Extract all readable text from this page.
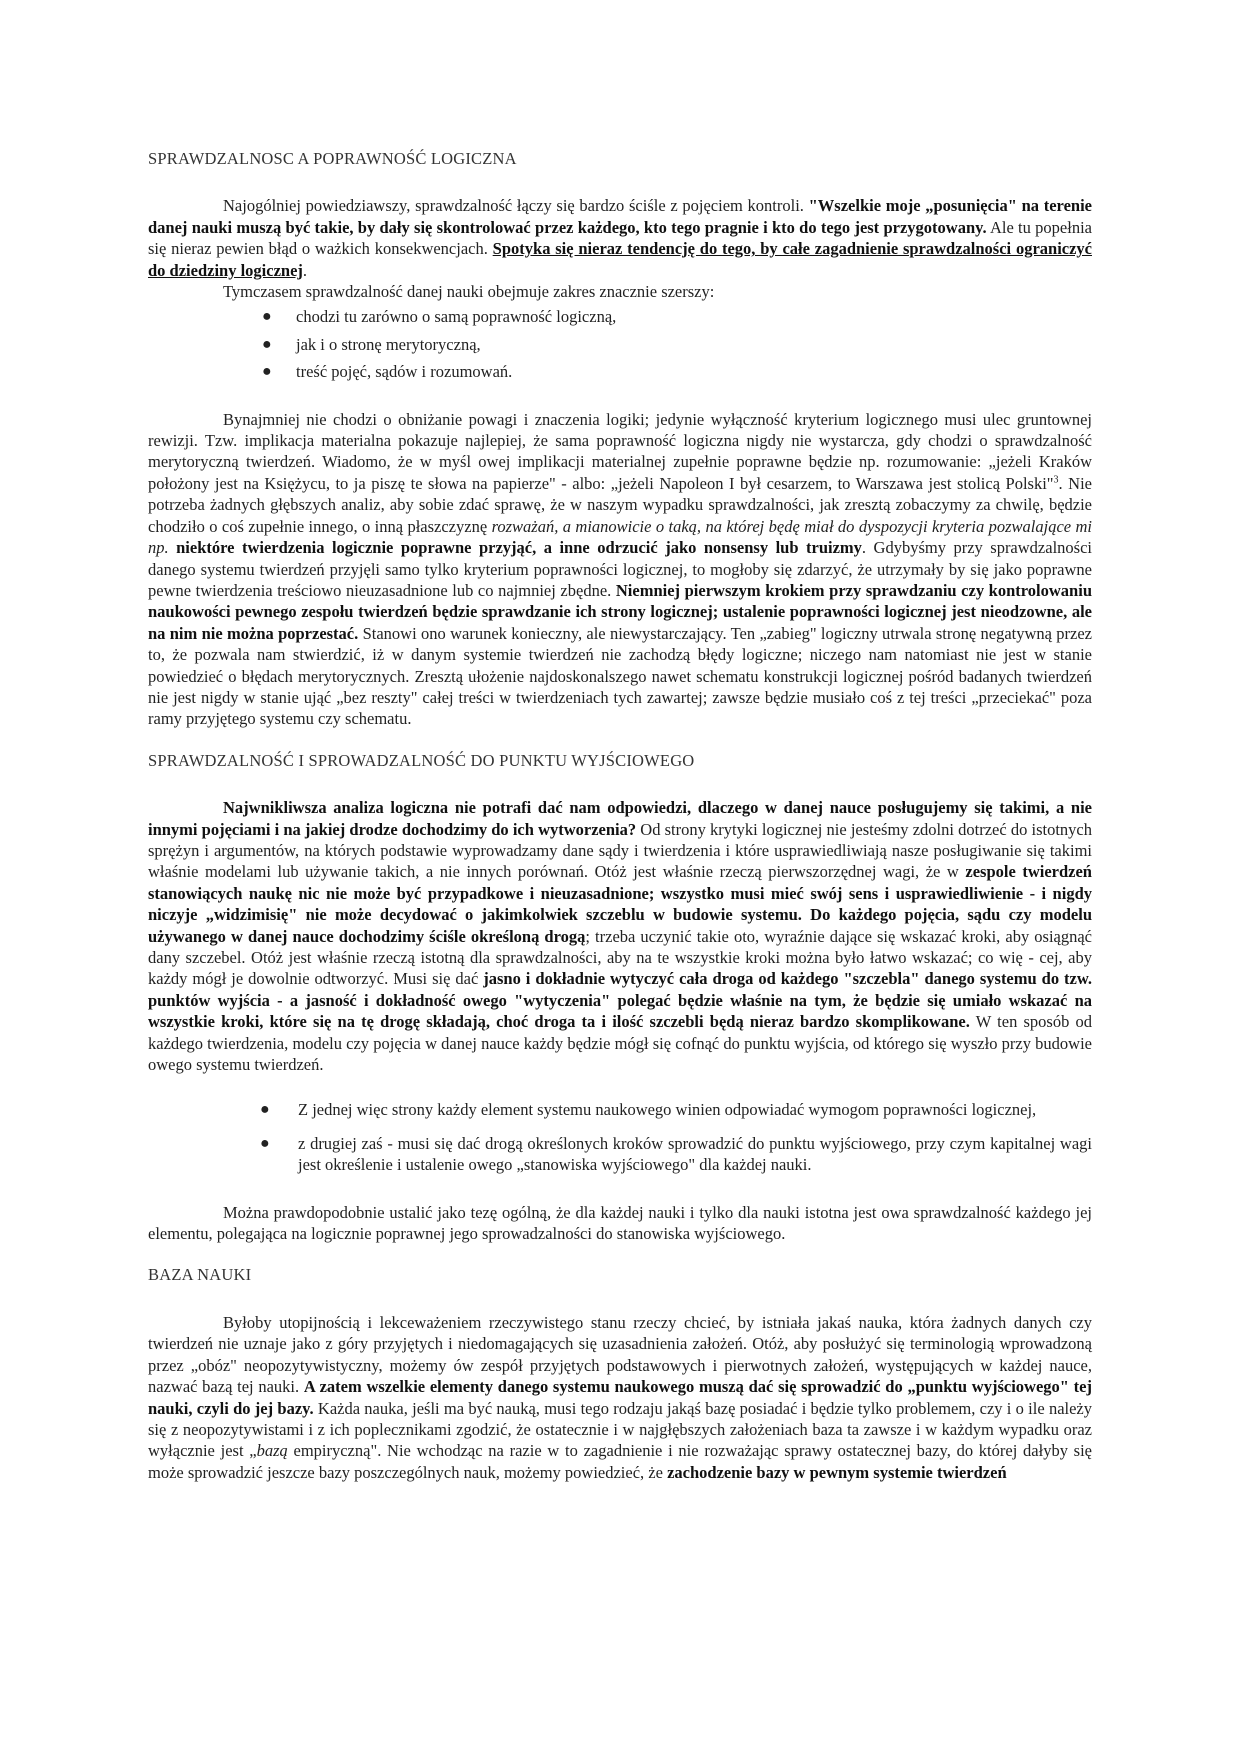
SPRAWDZALNOSC A POPRAWNOŚĆ LOGICZNA

Najogólniej powiedziawszy, sprawdzalność łączy się bardzo ściśle z pojęciem kontroli. "Wszelkie moje „posunięcia" na terenie danej nauki muszą być takie, by dały się skontrolować przez każdego, kto tego pragnie i kto do tego jest przygotowany. Ale tu popełnia się nieraz pewien błąd o ważkich konsekwencjach. Spotyka się nieraz tendencję do tego, by całe zagadnienie sprawdzalności ograniczyć do dziedziny logicznej.

Tymczasem sprawdzalność danej nauki obejmuje zakres znacznie szerszy:

● chodzi tu zarówno o samą poprawność logiczną,
● jak i o stronę merytoryczną,
● treść pojęć, sądów i rozumowań.

Bynajmniej nie chodzi o obniżanie powagi i znaczenia logiki; jedynie wyłączność kryterium logicznego musi ulec gruntownej rewizji. Tzw. implikacja materialna pokazuje najlepiej, że sama poprawność logiczna nigdy nie wystarcza, gdy chodzi o sprawdzalność merytoryczną twierdzeń. Wiadomo, że w myśl owej implikacji materialnej zupełnie poprawne będzie np. rozumowanie: „jeżeli Kraków położony jest na Księżycu, to ja piszę te słowa na papierze" - albo: „jeżeli Napoleon I był cesarzem, to Warszawa jest stolicą Polski"$^3$. Nie potrzeba żadnych głębszych analiz, aby sobie zdać sprawę, że w naszym wypadku sprawdzalności, jak zresztą zobaczymy za chwilę, będzie chodziło o coś zupełnie innego, o inną płaszczyznę rozważań, a mianowicie o taką, na której będę miał do dyspozycji kryteria pozwalające mi np. niektóre twierdzenia logicznie poprawne przyjąć, a inne odrzucić jako nonsensy lub truizmy. Gdybyśmy przy sprawdzalności danego systemu twierdzeń przyjęli samo tylko kryterium poprawności logicznej, to mogłoby się zdarzyć, że utrzymały by się jako poprawne pewne twierdzenia treściowo nieuzasadnione lub co najmniej zbędne. Niemniej pierwszym krokiem przy sprawdzaniu czy kontrolowaniu naukowości pewnego zespołu twierdzeń będzie sprawdzanie ich strony logicznej; ustalenie poprawności logicznej jest nieodzowne, ale na nim nie można poprzestać. Stanowi ono warunek konieczny, ale niewystarczający. Ten „zabieg" logiczny utrwala stronę negatywną przez to, że pozwala nam stwierdzić, iż w danym systemie twierdzeń nie zachodzą błędy logiczne; niczego nam natomiast nie jest w stanie powiedzieć o błędach merytorycznych. Zresztą ułożenie najdoskonalszego nawet schematu konstrukcji logicznej pośród badanych twierdzeń nie jest nigdy w stanie ująć „bez reszty" całej treści w twierdzeniach tych zawartej; zawsze będzie musiało coś z tej treści „przeciekać" poza ramy przyjętego systemu czy schematu.

SPRAWDZALNOŚĆ I SPROWADZALNOŚĆ DO PUNKTU WYJŚCIOWEGO

Najwnikliwsza analiza logiczna nie potrafi dać nam odpowiedzi, dlaczego w danej nauce posługujemy się takimi, a nie innymi pojęciami i na jakiej drodze dochodzimy do ich wytworzenia? Od strony krytyki logicznej nie jesteśmy zdolni dotrzeć do istotnych sprężyn i argumentów, na których podstawie wyprowadzamy dane sądy i twierdzenia i które usprawiedliwiają nasze posługiwanie się takimi właśnie modelami lub używanie takich, a nie innych porównań. Otóż jest właśnie rzeczą pierwszorzędnej wagi, że w zespole twierdzeń stanowiących naukę nic nie może być przypadkowe i nieuzasadnione; wszystko musi mieć swój sens i usprawiedliwienie - i nigdy niczyje „widzimisię" nie może decydować o jakimkolwiek szczeblu w budowie systemu. Do każdego pojęcia, sądu czy modelu używanego w danej nauce dochodzimy ściśle określoną drogą; trzeba uczynić takie oto, wyraźnie dające się wskazać kroki, aby osiągnąć dany szczebel. Otóż jest właśnie rzeczą istotną dla sprawdzalności, aby na te wszystkie kroki można było łatwo wskazać; co wię - cej, aby każdy mógł je dowolnie odtworzyć. Musi się dać jasno i dokładnie wytyczyć cała droga od każdego "szczebla" danego systemu do tzw. punktów wyjścia - a jasność i dokładność owego "wytyczenia" polegać będzie właśnie na tym, że będzie się umiało wskazać na wszystkie kroki, które się na tę drogę składają, choć droga ta i ilość szczebli będą nieraz bardzo skomplikowane. W ten sposób od każdego twierdzenia, modelu czy pojęcia w danej nauce każdy będzie mógł się cofnąć do punktu wyjścia, od którego się wyszło przy budowie owego systemu twierdzeń.

● Z jednej więc strony każdy element systemu naukowego winien odpowiadać wymogom poprawności logicznej,
● z drugiej zaś - musi się dać drogą określonych kroków sprowadzić do punktu wyjściowego, przy czym kapitalnej wagi jest określenie i ustalenie owego „stanowiska wyjściowego" dla każdej nauki.

Można prawdopodobnie ustalić jako tezę ogólną, że dla każdej nauki i tylko dla nauki istotna jest owa sprawdzalność każdego jej elementu, polegająca na logicznie poprawnej jego sprowadzalności do stanowiska wyjściowego.

BAZA NAUKI

Byłoby utopijnością i lekceważeniem rzeczywistego stanu rzeczy chcieć, by istniała jakaś nauka, która żadnych danych czy twierdzeń nie uznaje jako z góry przyjętych i niedomagających się uzasadnienia założeń. Otóż, aby posłużyć się terminologią wprowadzoną przez „obóz" neopozytywistyczny, możemy ów zespół przyjętych podstawowych i pierwotnych założeń, występujących w każdej nauce, nazwać bazą tej nauki. A zatem wszelkie elementy danego systemu naukowego muszą dać się sprowadzić do „punktu wyjściowego" tej nauki, czyli do jej bazy. Każda nauka, jeśli ma być nauką, musi tego rodzaju jakąś bazę posiadać i będzie tylko problemem, czy i o ile należy się z neopozytywistami i z ich poplecznikami zgodzić, że ostatecznie i w najgłębszych założeniach baza ta zawsze i w każdym wypadku oraz wyłącznie jest „bazą empiryczną". Nie wchodząc na razie w to zagadnienie i nie rozważając sprawy ostatecznej bazy, do której dałyby się może sprowadzić jeszcze bazy poszczególnych nauk, możemy powiedzieć, że zachodzenie bazy w pewnym systemie twierdzeń
